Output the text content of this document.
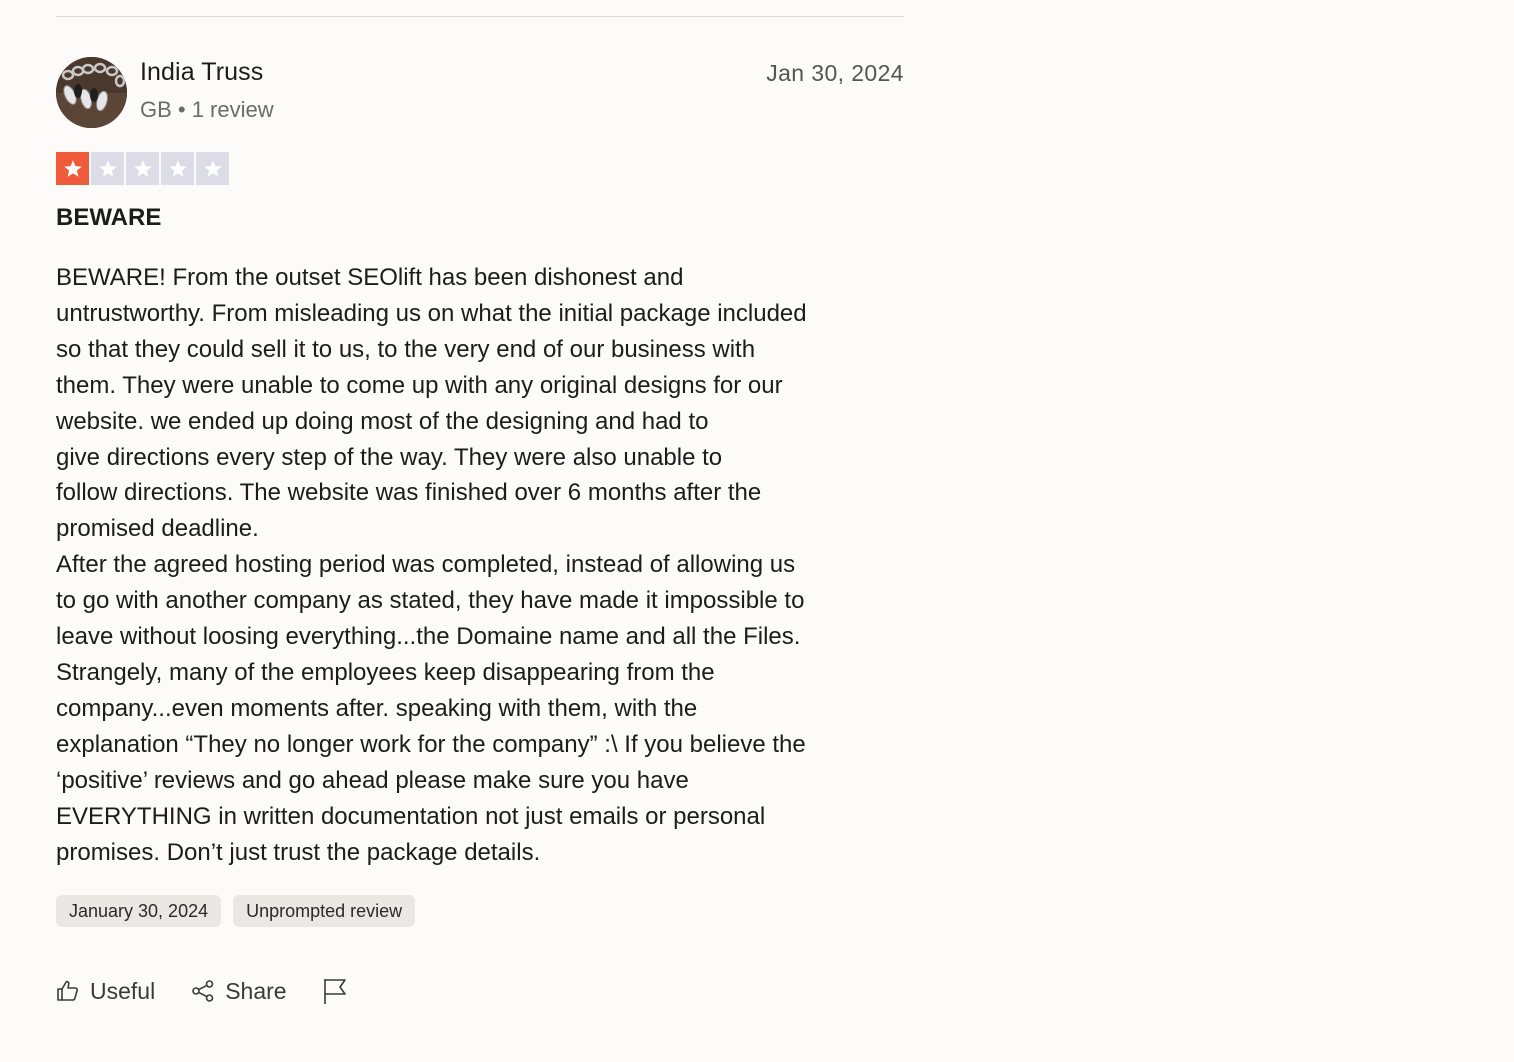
India Truss
GB • 1 review
Jan 30, 2024
BEWARE
BEWARE! From the outset SEOlift has been dishonest and
untrustworthy. From misleading us on what the initial package included
so that they could sell it to us, to the very end of our business with
them. They were unable to come up with any original designs for our
website. we ended up doing most of the designing and had to
give directions every step of the way. They were also unable to
follow directions. The website was finished over 6 months after the
promised deadline.
After the agreed hosting period was completed, instead of allowing us
to go with another company as stated, they have made it impossible to
leave without loosing everything...the Domaine name and all the Files.
Strangely, many of the employees keep disappearing from the
company...even moments after. speaking with them, with the
explanation “They no longer work for the company” :\ If you believe the
‘positive’ reviews and go ahead please make sure you have
EVERYTHING in written documentation not just emails or personal
promises. Don’t just trust the package details.
January 30, 2024	Unprompted review
Useful	Share
